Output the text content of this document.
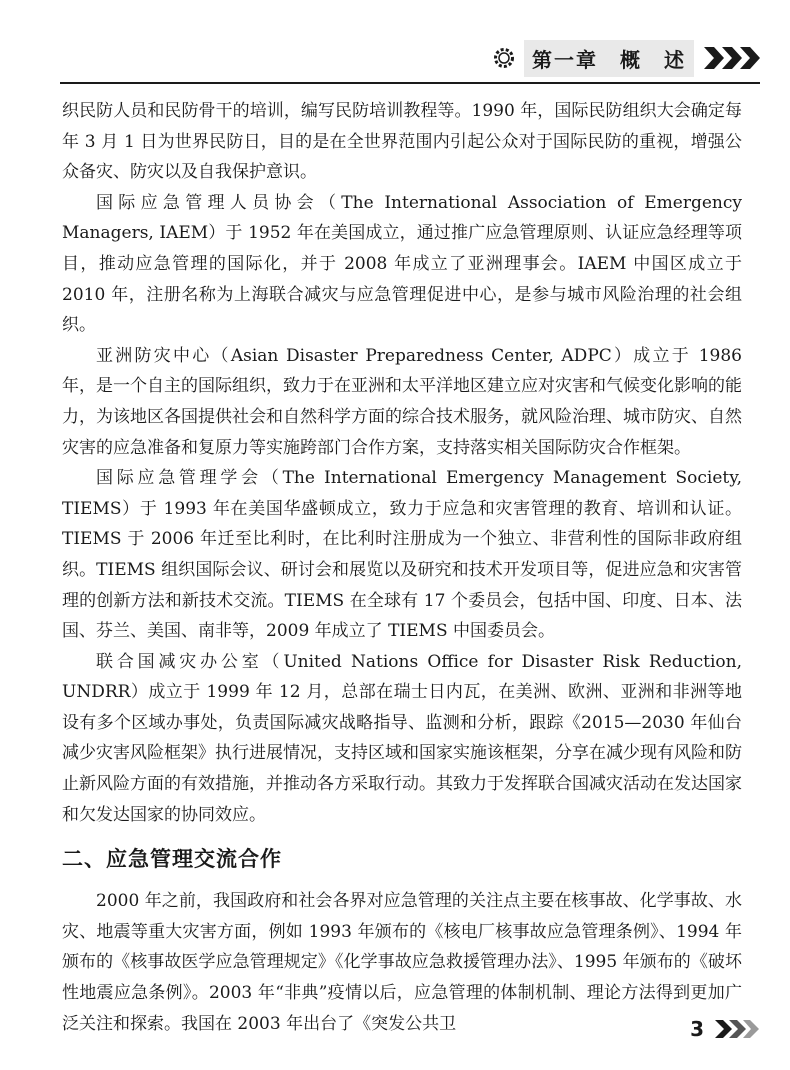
第一章　概　述

织民防人员和民防骨干的培训，编写民防培训教程等。1990 年，国际民防组织大会确定每年 3 月 1 日为世界民防日，目的是在全世界范围内引起公众对于国际民防的重视，增强公众备灾、防灾以及自我保护意识。

国际应急管理人员协会（The International Association of Emergency Managers, IAEM）于 1952 年在美国成立，通过推广应急管理原则、认证应急经理等项目，推动应急管理的国际化，并于 2008 年成立了亚洲理事会。IAEM 中国区成立于 2010 年，注册名称为上海联合减灾与应急管理促进中心，是参与城市风险治理的社会组织。

亚洲防灾中心（Asian Disaster Preparedness Center, ADPC）成立于 1986 年，是一个自主的国际组织，致力于在亚洲和太平洋地区建立应对灾害和气候变化影响的能力，为该地区各国提供社会和自然科学方面的综合技术服务，就风险治理、城市防灾、自然灾害的应急准备和复原力等实施跨部门合作方案，支持落实相关国际防灾合作框架。

国际应急管理学会（The International Emergency Management Society, TIEMS）于 1993 年在美国华盛顿成立，致力于应急和灾害管理的教育、培训和认证。TIEMS 于 2006 年迁至比利时，在比利时注册成为一个独立、非营利性的国际非政府组织。TIEMS 组织国际会议、研讨会和展览以及研究和技术开发项目等，促进应急和灾害管理的创新方法和新技术交流。TIEMS 在全球有 17 个委员会，包括中国、印度、日本、法国、芬兰、美国、南非等，2009 年成立了 TIEMS 中国委员会。

联合国减灾办公室（United Nations Office for Disaster Risk Reduction, UNDRR）成立于 1999 年 12 月，总部在瑞士日内瓦，在美洲、欧洲、亚洲和非洲等地设有多个区域办事处，负责国际减灾战略指导、监测和分析，跟踪《2015—2030 年仙台减少灾害风险框架》执行进展情况，支持区域和国家实施该框架，分享在减少现有风险和防止新风险方面的有效措施，并推动各方采取行动。其致力于发挥联合国减灾活动在发达国家和欠发达国家的协同效应。

二、应急管理交流合作

2000 年之前，我国政府和社会各界对应急管理的关注点主要在核事故、化学事故、水灾、地震等重大灾害方面，例如 1993 年颁布的《核电厂核事故应急管理条例》、1994 年颁布的《核事故医学应急管理规定》《化学事故应急救援管理办法》、1995 年颁布的《破坏性地震应急条例》。2003 年“非典”疫情以后，应急管理的体制机制、理论方法得到更加广泛关注和探索。我国在 2003 年出台了《突发公共卫	3
